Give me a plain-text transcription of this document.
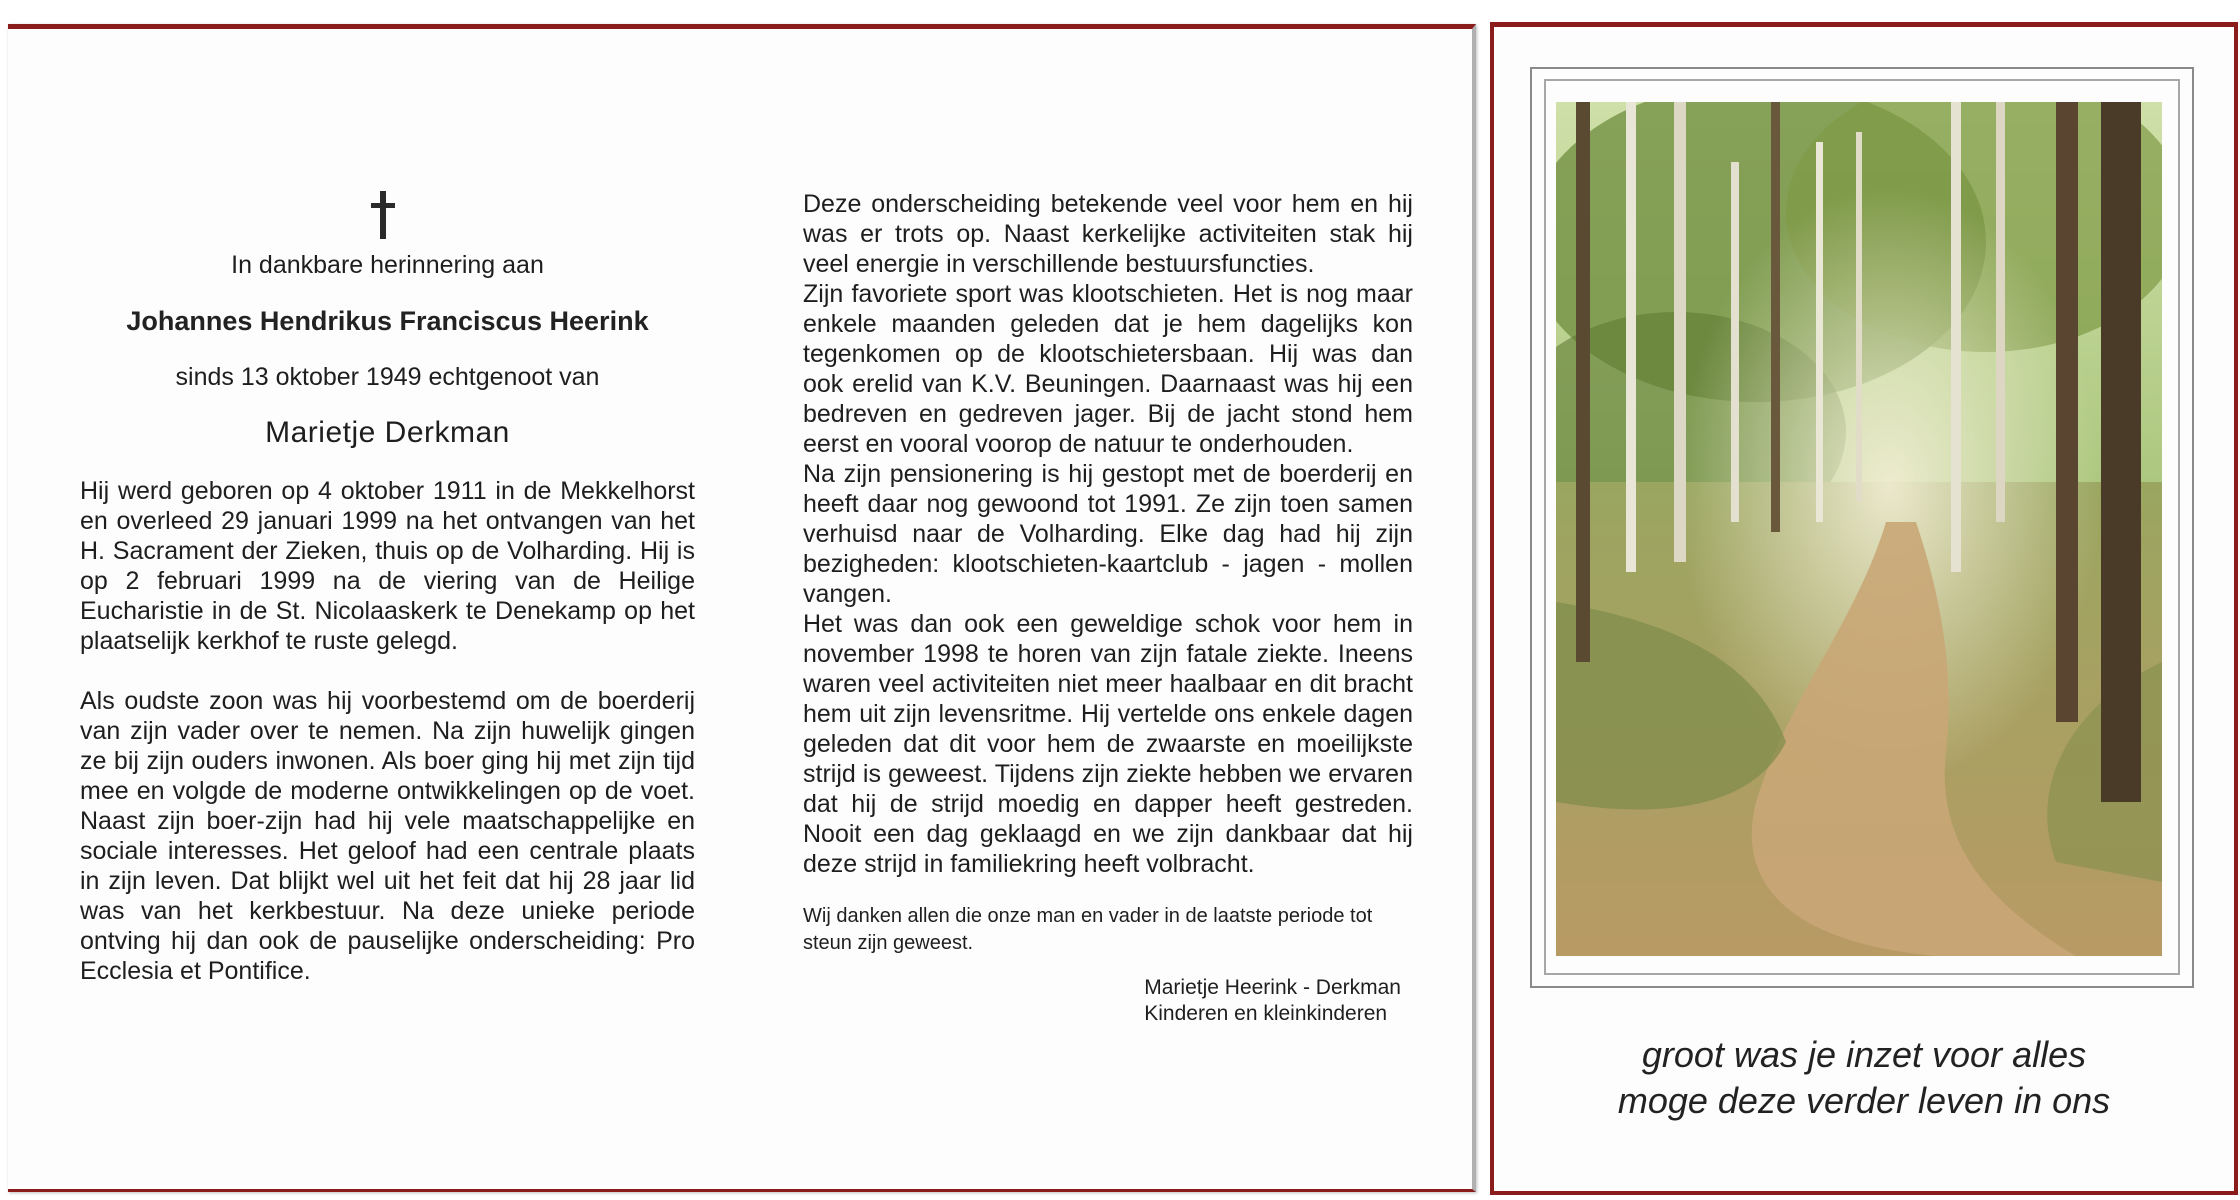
In dankbare herinnering aan
Johannes Hendrikus Franciscus Heerink
sinds 13 oktober 1949 echtgenoot van
Marietje Derkman

Hij werd geboren op 4 oktober 1911 in de Mekkelhorst en overleed 29 januari 1999 na het ontvangen van het H. Sacrament der Zieken, thuis op de Volharding. Hij is op 2 februari 1999 na de viering van de Heilige Eucharistie in de St. Nicolaaskerk te Denekamp op het plaatselijk kerkhof te ruste gelegd.

Als oudste zoon was hij voorbestemd om de boerderij van zijn vader over te nemen. Na zijn huwelijk gingen ze bij zijn ouders inwonen. Als boer ging hij met zijn tijd mee en volgde de moderne ontwikkelingen op de voet. Naast zijn boer-zijn had hij vele maatschappelijke en sociale interesses. Het geloof had een centrale plaats in zijn leven. Dat blijkt wel uit het feit dat hij 28 jaar lid was van het kerkbestuur. Na deze unieke periode ontving hij dan ook de pauselijke onderscheiding: Pro Ecclesia et Pontifice.

Deze onderscheiding betekende veel voor hem en hij was er trots op. Naast kerkelijke activiteiten stak hij veel energie in verschillende bestuursfuncties.

Zijn favoriete sport was klootschieten. Het is nog maar enkele maanden geleden dat je hem dagelijks kon tegenkomen op de klootschietersbaan. Hij was dan ook erelid van K.V. Beuningen. Daarnaast was hij een bedreven en gedreven jager. Bij de jacht stond hem eerst en vooral voorop de natuur te onderhouden.

Na zijn pensionering is hij gestopt met de boerderij en heeft daar nog gewoond tot 1991. Ze zijn toen samen verhuisd naar de Volharding. Elke dag had hij zijn bezigheden: klootschieten-kaartclub - jagen - mollen vangen.

Het was dan ook een geweldige schok voor hem in november 1998 te horen van zijn fatale ziekte. Ineens waren veel activiteiten niet meer haalbaar en dit bracht hem uit zijn levensritme. Hij vertelde ons enkele dagen geleden dat dit voor hem de zwaarste en moeilijkste strijd is geweest. Tijdens zijn ziekte hebben we ervaren dat hij de strijd moedig en dapper heeft gestreden. Nooit een dag geklaagd en we zijn dankbaar dat hij deze strijd in familiekring heeft volbracht.

Wij danken allen die onze man en vader in de laatste periode tot steun zijn geweest.
Marietje Heerink - Derkman
Kinderen en kleinkinderen
groot was je inzet voor alles
moge deze verder leven in ons
